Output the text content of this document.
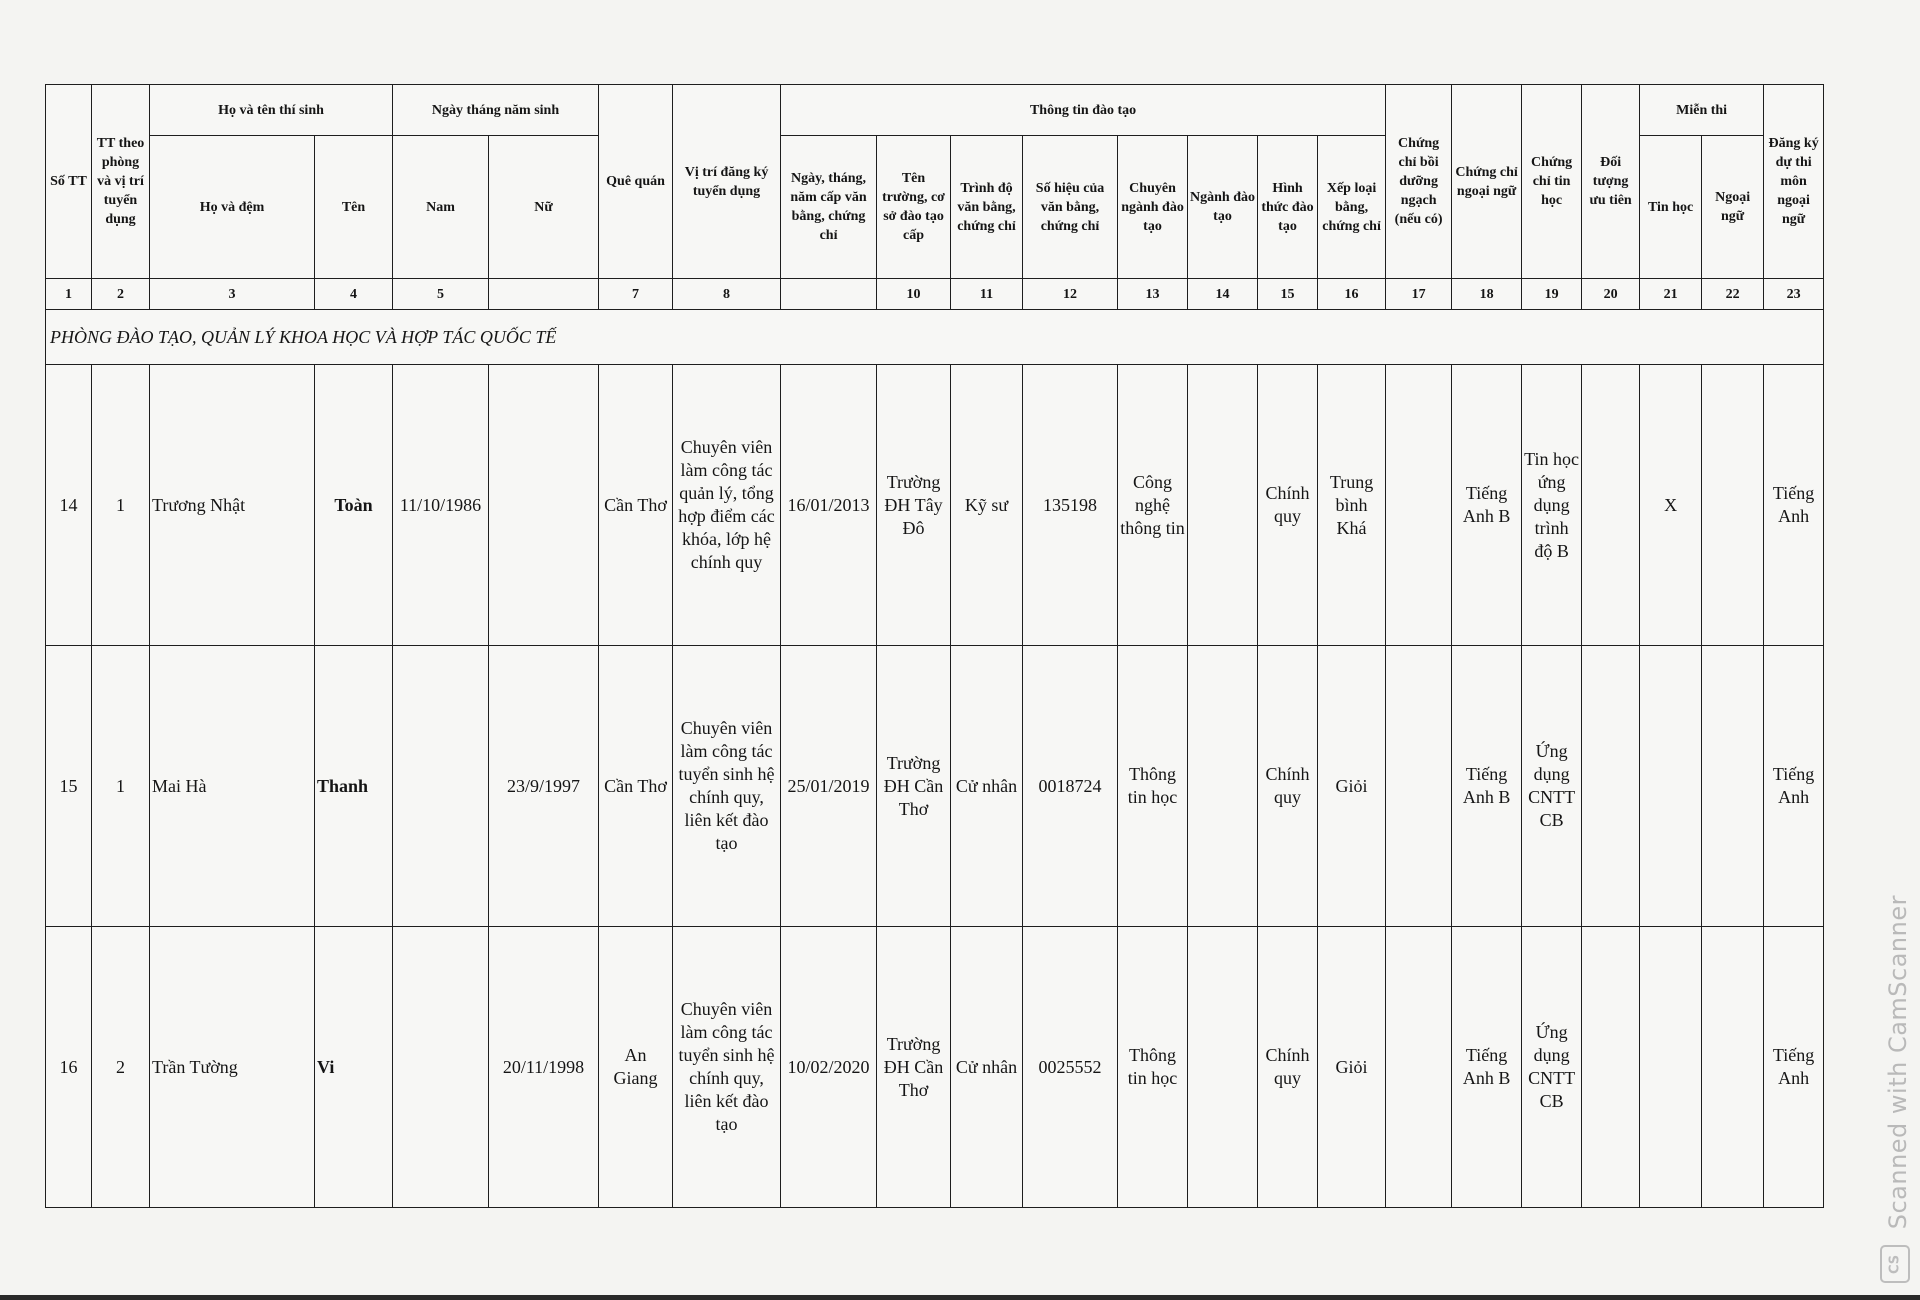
Số TT	TT theo phòng và vị trí tuyển dụng	Họ và tên thí sinh		Ngày tháng năm sinh		Quê quán	Vị trí đăng ký tuyển dụng	Thông tin đào tạo								Chứng chỉ bồi dưỡng ngạch (nếu có)	Chứng chỉ ngoại ngữ	Chứng chỉ tin học	Đối tượng ưu tiên	Miễn thi		Đăng ký dự thi môn ngoại ngữ
		Họ và đệm	Tên	Nam	Nữ			Ngày, tháng, năm cấp văn bằng, chứng chỉ	Tên trường, cơ sở đào tạo cấp	Trình độ văn bằng, chứng chỉ	Số hiệu của văn bằng, chứng chỉ	Chuyên ngành đào tạo	Ngành đào tạo	Hình thức đào tạo	Xếp loại bằng, chứng chỉ					Tin học	Ngoại ngữ	
1	2	3	4	5		7	8		10	11	12	13	14	15	16	17	18	19	20	21	22	23
PHÒNG ĐÀO TẠO, QUẢN LÝ KHOA HỌC VÀ HỢP TÁC QUỐC TẾ																						
14	1	Trương Nhật	Toàn	11/10/1986		Cần Thơ	Chuyên viên làm công tác quản lý, tổng hợp điểm các khóa, lớp hệ chính quy	16/01/2013	Trường ĐH Tây Đô	Kỹ sư	135198	Công nghệ thông tin		Chính quy	Trung bình Khá		Tiếng Anh B	Tin học ứng dụng trình độ B		X		Tiếng Anh
15	1	Mai Hà	Thanh		23/9/1997	Cần Thơ	Chuyên viên làm công tác tuyển sinh hệ chính quy, liên kết đào tạo	25/01/2019	Trường ĐH Cần Thơ	Cử nhân	0018724	Thông tin học		Chính quy	Giỏi		Tiếng Anh B	Ứng dụng CNTT CB				Tiếng Anh
16	2	Trần Tường	Vi		20/11/1998	An Giang	Chuyên viên làm công tác tuyển sinh hệ chính quy, liên kết đào tạo	10/02/2020	Trường ĐH Cần Thơ	Cử nhân	0025552	Thông tin học		Chính quy	Giỏi		Tiếng Anh B	Ứng dụng CNTT CB				Tiếng Anh	Scanned with CamScanner
CS
